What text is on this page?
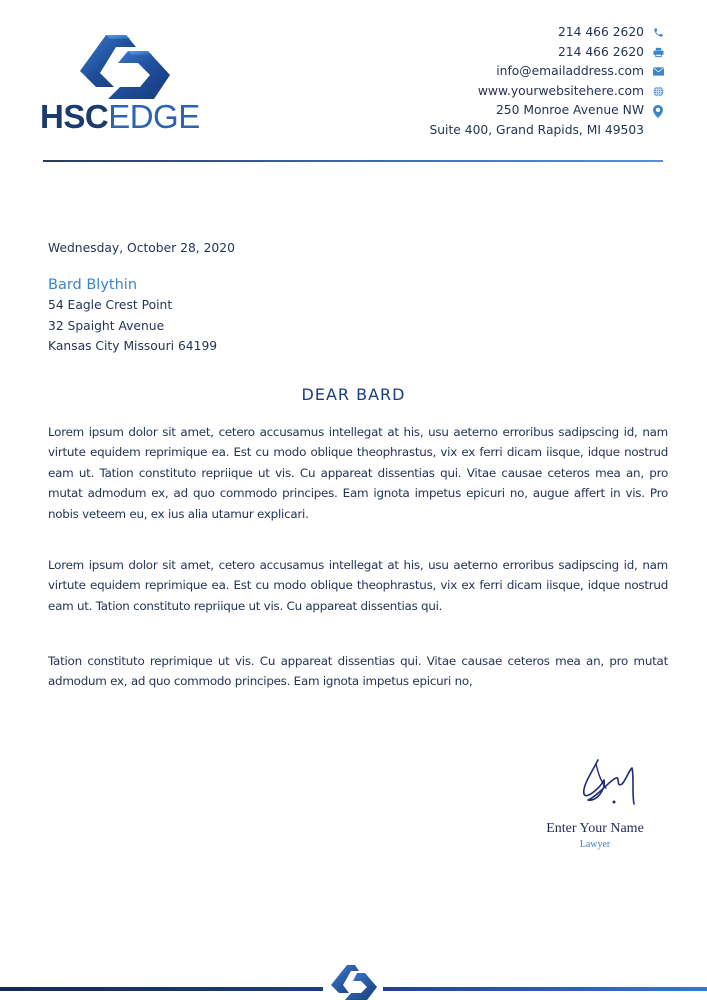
HSCEDGE
214 466 2620
214 466 2620
info@emailaddress.com
www.yourwebsitehere.com
250 Monroe Avenue NW
Suite 400, Grand Rapids, MI 49503
Wednesday, October 28, 2020
Bard Blythin
54 Eagle Crest Point
32 Spaight Avenue
Kansas City Missouri 64199
DEAR BARD

Lorem ipsum dolor sit amet, cetero accusamus intellegat at his, usu aeterno erroribus sadipscing id, nam virtute equidem reprimique ea. Est cu modo oblique theophrastus, vix ex ferri dicam iisque, idque nostrud eam ut. Tation constituto repriique ut vis. Cu appareat dissentias qui. Vitae causae ceteros mea an, pro mutat admodum ex, ad quo commodo principes. Eam ignota impetus epicuri no, augue affert in vis. Pro nobis veteem eu, ex ius alia utamur explicari.

Lorem ipsum dolor sit amet, cetero accusamus intellegat at his, usu aeterno erroribus sadipscing id, nam virtute equidem reprimique ea. Est cu modo oblique theophrastus, vix ex ferri dicam iisque, idque nostrud eam ut. Tation constituto repriique ut vis. Cu appareat dissentias qui.

Tation constituto reprimique ut vis. Cu appareat dissentias qui. Vitae causae ceteros mea an, pro mutat admodum ex, ad quo commodo principes. Eam ignota impetus epicuri no,

Enter Your Name
Lawyer
